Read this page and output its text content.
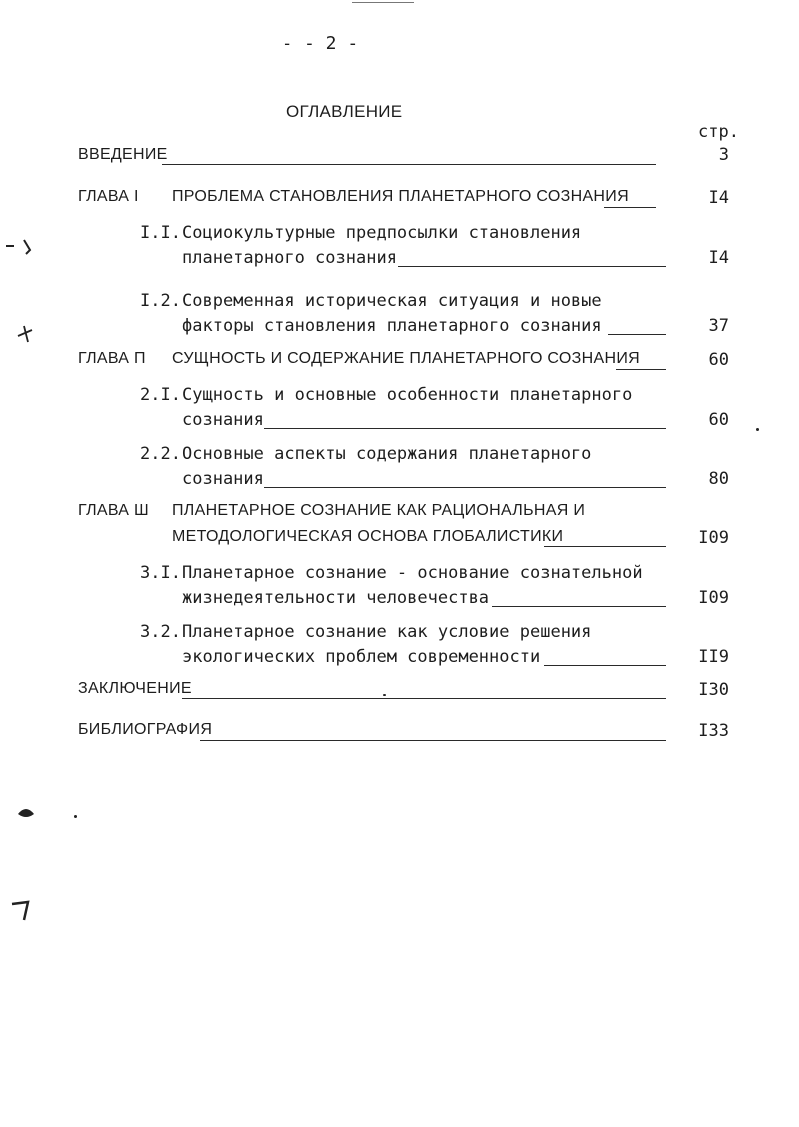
- - 2 -
ОГЛАВЛЕНИЕ
стр.
ВВЕДЕНИЕ	3
ГЛАВА I ПРОБЛЕМА СТАНОВЛЕНИЯ ПЛАНЕТАРНОГО СОЗНАНИЯ	I4
I.I. Социокультурные предпосылки становления
планетарного сознания	I4
I.2. Современная историческая ситуация и новые
факторы становления планетарного сознания	37
ГЛАВА П СУЩНОСТЬ И СОДЕРЖАНИЕ ПЛАНЕТАРНОГО СОЗНАНИЯ	60
2.I. Сущность и основные особенности планетарного
сознания	60
2.2. Основные аспекты содержания планетарного
сознания	80
ГЛАВА Ш ПЛАНЕТАРНОЕ СОЗНАНИЕ КАК РАЦИОНАЛЬНАЯ И
МЕТОДОЛОГИЧЕСКАЯ ОСНОВА ГЛОБАЛИСТИКИ	I09
3.I. Планетарное сознание - основание сознательной
жизнедеятельности человечества	I09
3.2. Планетарное сознание как условие решения
экологических проблем современности	II9
ЗАКЛЮЧЕНИЕ	I30
БИБЛИОГРАФИЯ	I33
